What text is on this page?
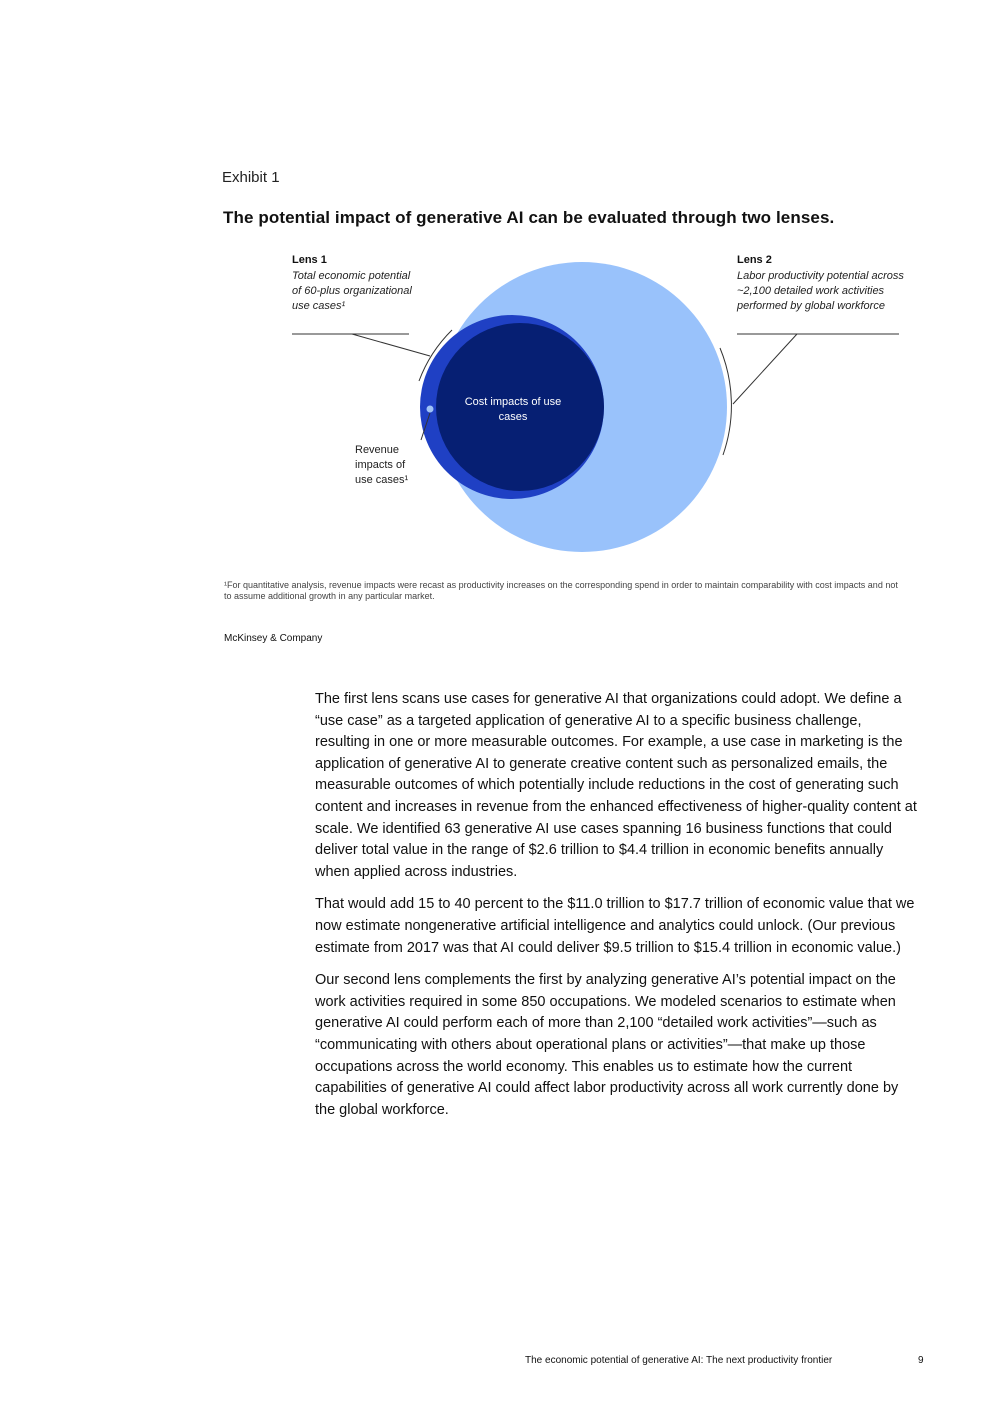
Exhibit 1
The potential impact of generative AI can be evaluated through two lenses.
Lens 1
Total economic potential of 60-plus organizational use cases¹
Lens 2
Labor productivity potential across ~2,100 detailed work activities performed by global workforce
Revenue impacts of use cases¹
Cost impacts of use cases
¹For quantitative analysis, revenue impacts were recast as productivity increases on the corresponding spend in order to maintain comparability with cost impacts and not to assume additional growth in any particular market.
McKinsey & Company

The first lens scans use cases for generative AI that organizations could adopt. We define a “use case” as a targeted application of generative AI to a specific business challenge, resulting in one or more measurable outcomes. For example, a use case in marketing is the application of generative AI to generate creative content such as personalized emails, the measurable outcomes of which potentially include reductions in the cost of generating such content and increases in revenue from the enhanced effectiveness of higher-quality content at scale. We identified 63 generative AI use cases spanning 16 business functions that could deliver total value in the range of $2.6 trillion to $4.4 trillion in economic benefits annually when applied across industries.

That would add 15 to 40 percent to the $11.0 trillion to $17.7 trillion of economic value that we now estimate nongenerative artificial intelligence and analytics could unlock. (Our previous estimate from 2017 was that AI could deliver $9.5 trillion to $15.4 trillion in economic value.)

Our second lens complements the first by analyzing generative AI’s potential impact on the work activities required in some 850 occupations. We modeled scenarios to estimate when generative AI could perform each of more than 2,100 “detailed work activities”—such as “communicating with others about operational plans or activities”—that make up those occupations across the world economy. This enables us to estimate how the current capabilities of generative AI could affect labor productivity across all work currently done by the global workforce.

The economic potential of generative AI: The next productivity frontier	9
